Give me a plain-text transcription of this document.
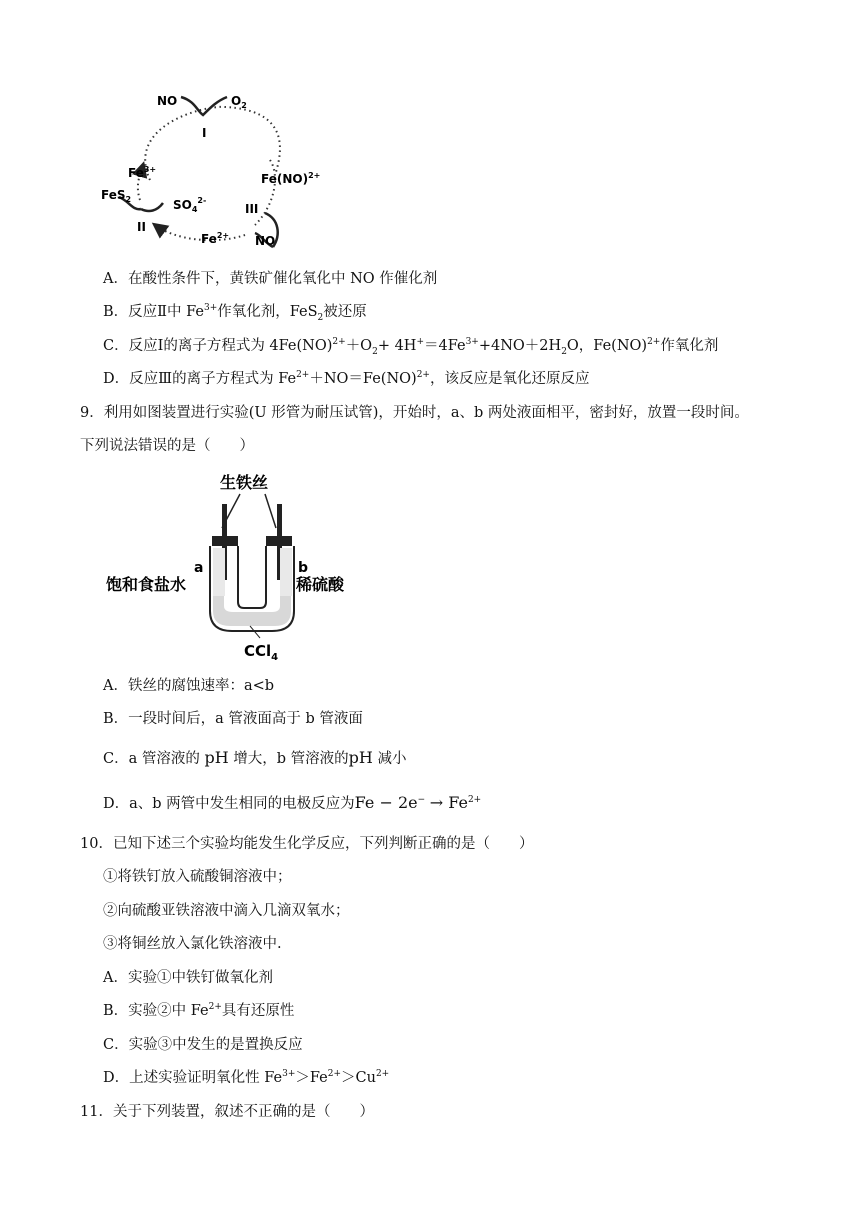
NO	$O_2$
I
$Fe^{3+}$
FeS$_2$	$SO_4^{2-}$
II
$Fe^{2+}$
Fe(NO)$^{2+}$
III
NO
A．在酸性条件下，黄铁矿催化氧化中 NO 作催化剂
B．反应Ⅱ中 $Fe^{3+}$作氧化剂，FeS$_2$被还原
C．反应Ⅰ的离子方程式为 $4Fe(NO)^{2+}+O_2+ 4H^+=4Fe^{3+}+4NO+2H_2O$，Fe(NO)$^{2+}$作氧化剂
D．反应Ⅲ的离子方程式为 $Fe^{2+}+NO=Fe(NO)^{2+}$，该反应是氧化还原反应
9．利用如图装置进行实验(U 形管为耐压试管)，开始时，a、b 两处液面相平，密封好，放置一段时间。
下列说法错误的是（　　）
生铁丝
a	b
饱和食盐水	稀硫酸
CCl$_4$
A．铁丝的腐蚀速率：a<b
B．一段时间后，a 管液面高于 b 管液面
C．a 管溶液的 pH 增大，b 管溶液的pH 减小
D．a、b 两管中发生相同的电极反应为$Fe - 2e^- \to Fe^{2+}$
10．已知下述三个实验均能发生化学反应，下列判断正确的是（　　）
①将铁钉放入硫酸铜溶液中；
②向硫酸亚铁溶液中滴入几滴双氧水；
③将铜丝放入氯化铁溶液中.
A．实验①中铁钉做氧化剂
B．实验②中 $Fe^{2+}$具有还原性
C．实验③中发生的是置换反应
D．上述实验证明氧化性 $Fe^{3+}>Fe^{2+}>Cu^{2+}$
11．关于下列装置，叙述不正确的是（　　）
